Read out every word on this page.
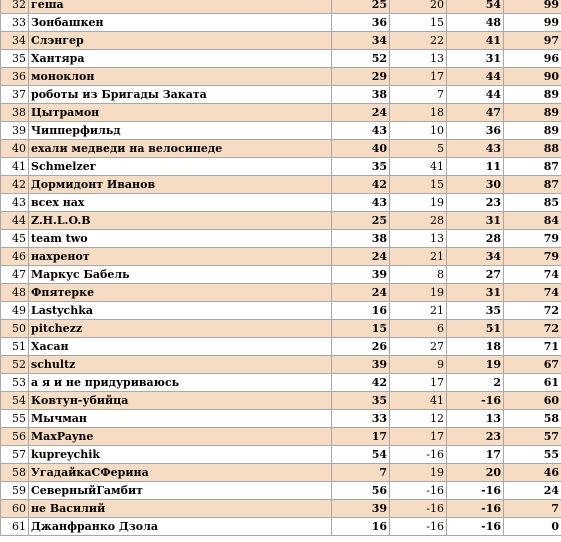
32	геша	25	20	54	99
33	Зонбашкен	36	15	48	99
34	Слэнгер	34	22	41	97
35	Хантяра	52	13	31	96
36	моноклон	29	17	44	90
37	роботы из Бригады Заката	38	7	44	89
38	Цытрамон	24	18	47	89
39	Чипперфильд	43	10	36	89
40	ехали медведи на велосипеде	40	5	43	88
41	Schmelzer	35	41	11	87
42	Дормидонт Иванов	42	15	30	87
43	всех нах	43	19	23	85
44	Z.H.L.O.B	25	28	31	84
45	team two	38	13	28	79
46	нахренот	24	21	34	79
47	Маркус Бабель	39	8	27	74
48	Фпятерке	24	19	31	74
49	Lastychka	16	21	35	72
50	pitchezz	15	6	51	72
51	Хасан	26	27	18	71
52	schultz	39	9	19	67
53	а я и не придуриваюсь	42	17	2	61
54	Ковтун-убийца	35	41	-16	60
55	Мычман	33	12	13	58
56	MaxPayne	17	17	23	57
57	kupreychik	54	-16	17	55
58	УгадайкаСФерина	7	19	20	46
59	СеверныйГамбит	56	-16	-16	24
60	не Василий	39	-16	-16	7
61	Джанфранко Дзола	16	-16	-16	0
